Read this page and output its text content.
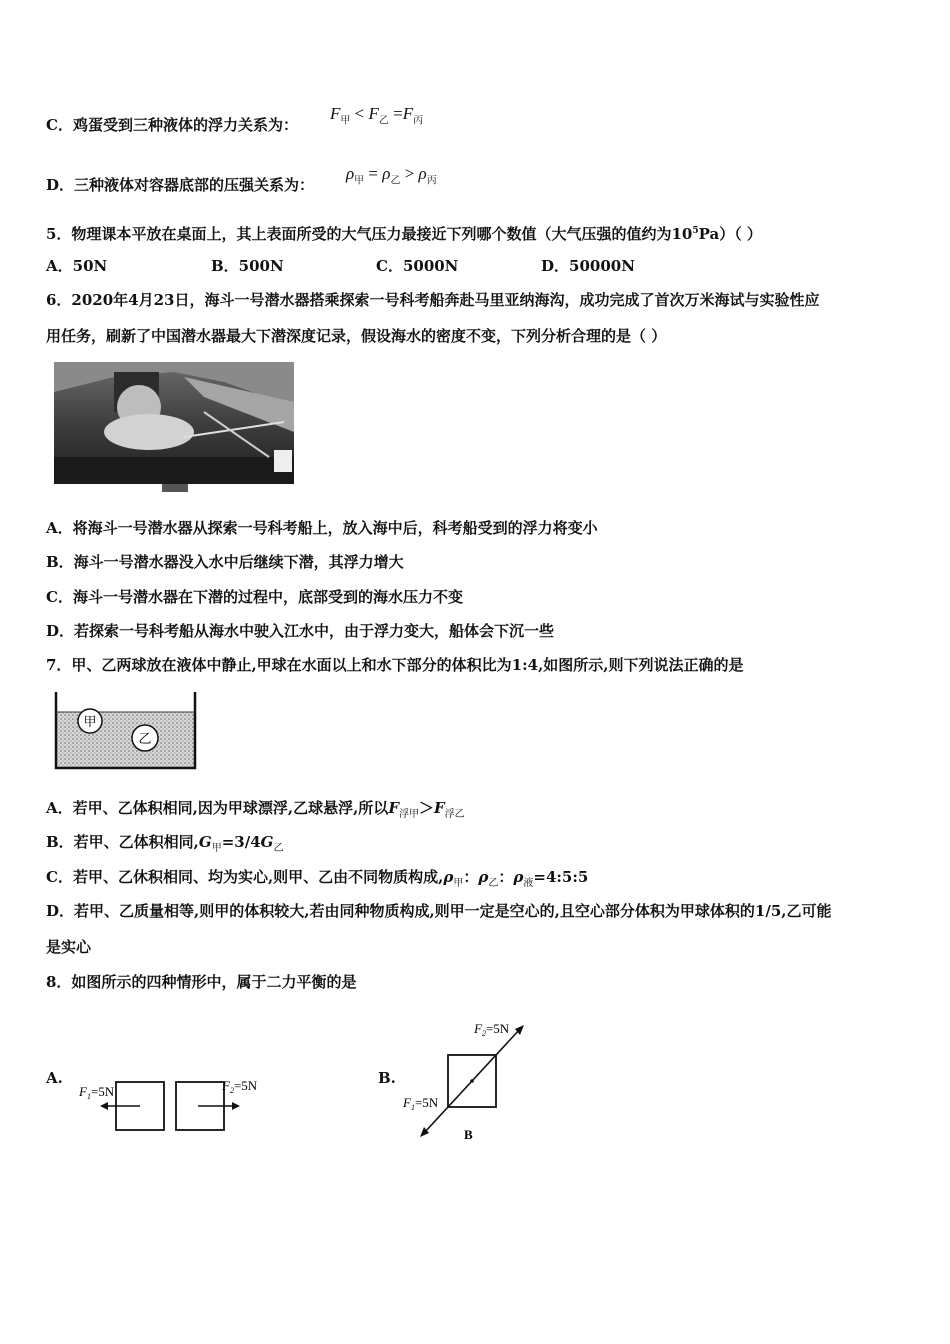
C．鸡蛋受到三种液体的浮力关系为：
$F_甲 < F_乙 =F_丙$
D．三种液体对容器底部的压强关系为：
$\rho_甲 = \rho_乙 > \rho_丙$
5．物理课本平放在桌面上，其上表面所受的大气压力最接近下列哪个数值（大气压强的值约为$10^5Pa$）（ ）
A．50N	B．500N	C．5000N	D．50000N
6．2020年4月23日，海斗一号潜水器搭乘探索一号科考船奔赴马里亚纳海沟，成功完成了首次万米海试与实验性应
用任务，刷新了中国潜水器最大下潜深度记录，假设海水的密度不变，下列分析合理的是（ ）
A．将海斗一号潜水器从探索一号科考船上，放入海中后，科考船受到的浮力将变小
B．海斗一号潜水器没入水中后继续下潜，其浮力增大
C．海斗一号潜水器在下潜的过程中，底部受到的海水压力不变
D．若探索一号科考船从海水中驶入江水中，由于浮力变大，船体会下沉一些
7．甲、乙两球放在液体中静止,甲球在水面以上和水下部分的体积比为1:4,如图所示,则下列说法正确的是
甲
乙
A．若甲、乙体积相同,因为甲球漂浮,乙球悬浮,所以$F_{浮甲}>F_{浮乙}$
B．若甲、乙体积相同$,G_甲=3/4G_乙$
C．若甲、乙休积相同、均为实心,则甲、乙由不同物质构成$,\rho_甲$：$\rho_乙$：$\rho_液=4:5:5$
D．若甲、乙质量相等,则甲的体积较大,若由同种物质构成,则甲一定是空心的,且空心部分体积为甲球体积的1/5,乙可能
是实心
8．如图所示的四种情形中，属于二力平衡的是
A.	B.
$F_1=5N$	$F_2=5N$
$F_2=5N$
$F_1=5N$
B
